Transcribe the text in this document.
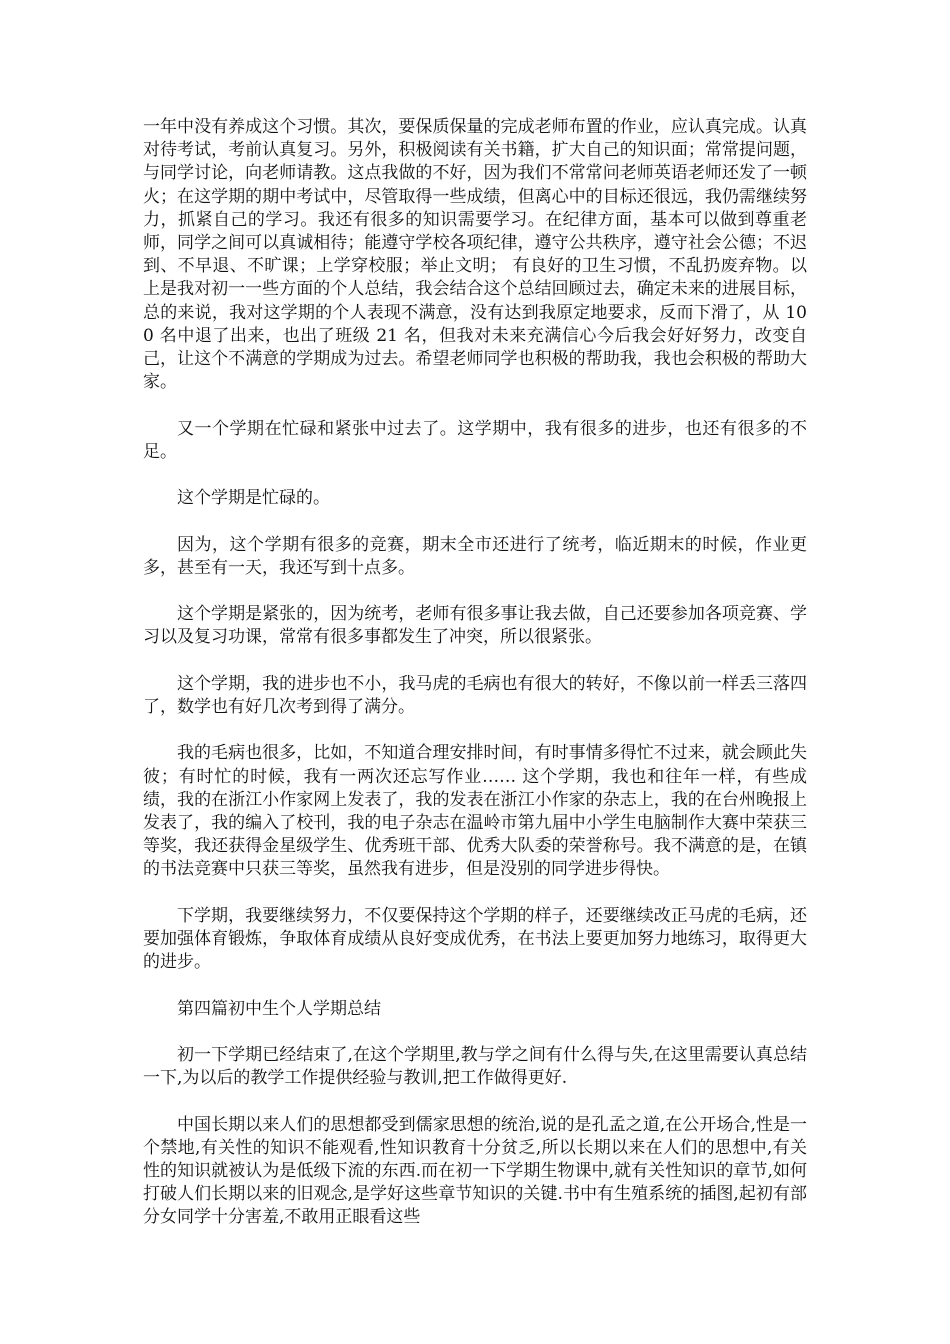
一年中没有养成这个习惯。其次，要保质保量的完成老师布置的作业，应认真完成。认真对待考试，考前认真复习。另外，积极阅读有关书籍，扩大自己的知识面；常常提问题，与同学讨论，向老师请教。这点我做的不好，因为我们不常常问老师英语老师还发了一顿火；在这学期的期中考试中，尽管取得一些成绩，但离心中的目标还很远，我仍需继续努力，抓紧自己的学习。我还有很多的知识需要学习。在纪律方面，基本可以做到尊重老师，同学之间可以真诚相待；能遵守学校各项纪律，遵守公共秩序，遵守社会公德；不迟到、不早退、不旷课；上学穿校服；举止文明； 有良好的卫生习惯，不乱扔废弃物。以上是我对初一一些方面的个人总结，我会结合这个总结回顾过去，确定未来的进展目标，总的来说，我对这学期的个人表现不满意，没有达到我原定地要求，反而下滑了，从 100 名中退了出来，也出了班级 21 名，但我对未来充满信心今后我会好好努力，改变自己，让这个不满意的学期成为过去。希望老师同学也积极的帮助我，我也会积极的帮助大家。

又一个学期在忙碌和紧张中过去了。这学期中，我有很多的进步，也还有很多的不足。

这个学期是忙碌的。

因为，这个学期有很多的竞赛，期末全市还进行了统考，临近期末的时候，作业更多，甚至有一天，我还写到十点多。

这个学期是紧张的，因为统考，老师有很多事让我去做，自己还要参加各项竞赛、学习以及复习功课，常常有很多事都发生了冲突，所以很紧张。

这个学期，我的进步也不小，我马虎的毛病也有很大的转好，不像以前一样丢三落四了，数学也有好几次考到得了满分。

我的毛病也很多，比如，不知道合理安排时间，有时事情多得忙不过来，就会顾此失彼；有时忙的时候，我有一两次还忘写作业…… 这个学期，我也和往年一样，有些成绩，我的在浙江小作家网上发表了，我的发表在浙江小作家的杂志上，我的在台州晚报上发表了，我的编入了校刊，我的电子杂志在温岭市第九届中小学生电脑制作大赛中荣获三等奖，我还获得金星级学生、优秀班干部、优秀大队委的荣誉称号。我不满意的是，在镇的书法竞赛中只获三等奖，虽然我有进步，但是没别的同学进步得快。

下学期，我要继续努力，不仅要保持这个学期的样子，还要继续改正马虎的毛病，还要加强体育锻炼，争取体育成绩从良好变成优秀，在书法上要更加努力地练习，取得更大的进步。

第四篇初中生个人学期总结

初一下学期已经结束了,在这个学期里,教与学之间有什么得与失,在这里需要认真总结一下,为以后的教学工作提供经验与教训,把工作做得更好.

中国长期以来人们的思想都受到儒家思想的统治,说的是孔孟之道,在公开场合,性是一个禁地,有关性的知识不能观看,性知识教育十分贫乏,所以长期以来在人们的思想中,有关性的知识就被认为是低级下流的东西.而在初一下学期生物课中,就有关性知识的章节,如何打破人们长期以来的旧观念,是学好这些章节知识的关键.书中有生殖系统的插图,起初有部分女同学十分害羞,不敢用正眼看这些
